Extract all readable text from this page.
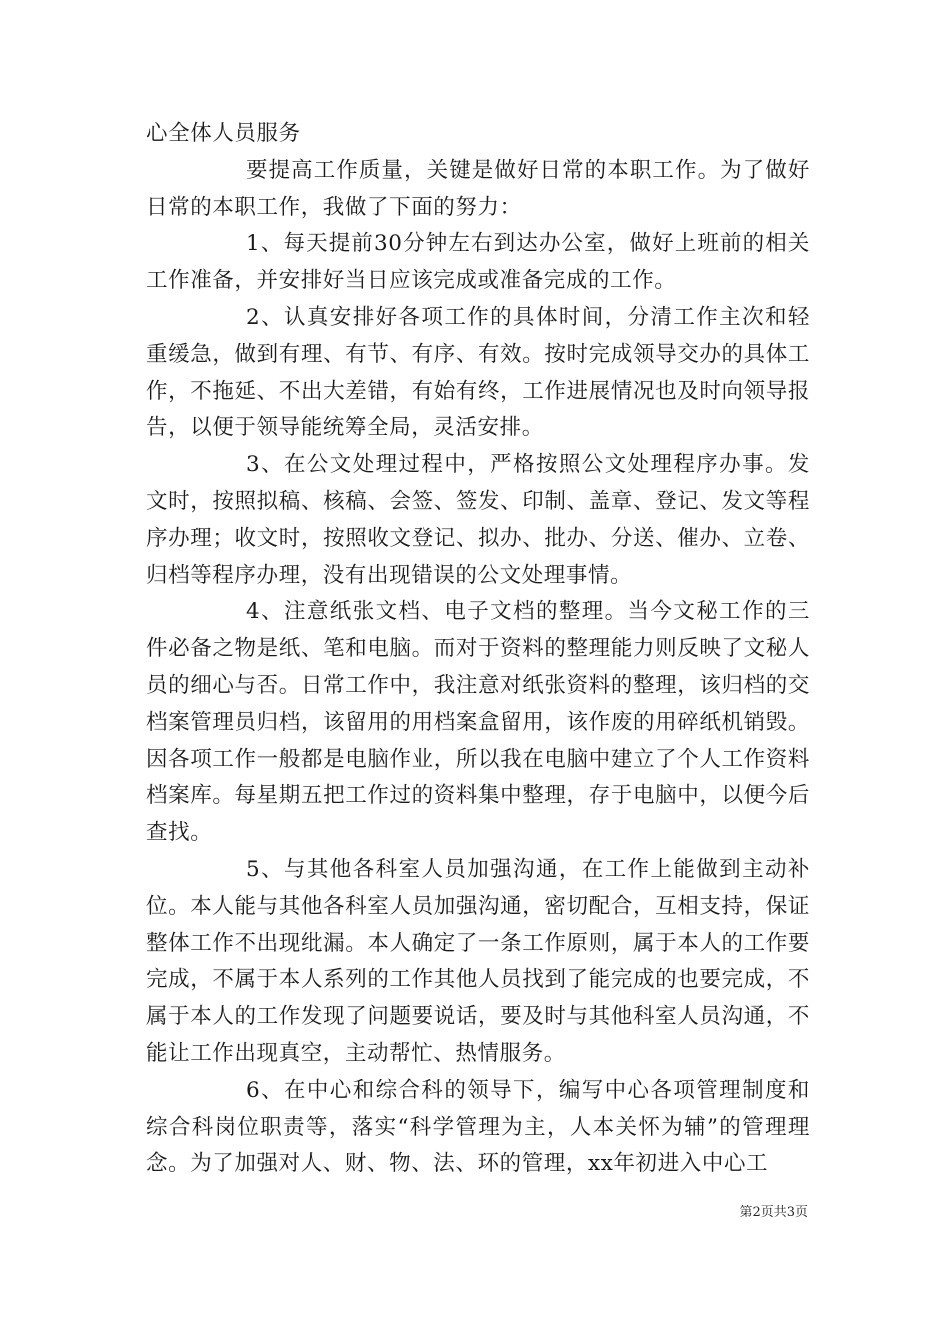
心全体人员服务

要提高工作质量，关键是做好日常的本职工作。为了做好日常的本职工作，我做了下面的努力：

1、每天提前30分钟左右到达办公室，做好上班前的相关工作准备，并安排好当日应该完成或准备完成的工作。

2、认真安排好各项工作的具体时间，分清工作主次和轻重缓急，做到有理、有节、有序、有效。按时完成领导交办的具体工作，不拖延、不出大差错，有始有终，工作进展情况也及时向领导报告，以便于领导能统筹全局，灵活安排。

3、在公文处理过程中，严格按照公文处理程序办事。发文时，按照拟稿、核稿、会签、签发、印制、盖章、登记、发文等程序办理；收文时，按照收文登记、拟办、批办、分送、催办、立卷、归档等程序办理，没有出现错误的公文处理事情。

4、注意纸张文档、电子文档的整理。当今文秘工作的三件必备之物是纸、笔和电脑。而对于资料的整理能力则反映了文秘人员的细心与否。日常工作中，我注意对纸张资料的整理，该归档的交档案管理员归档，该留用的用档案盒留用，该作废的用碎纸机销毁。因各项工作一般都是电脑作业，所以我在电脑中建立了个人工作资料档案库。每星期五把工作过的资料集中整理，存于电脑中，以便今后查找。

5、与其他各科室人员加强沟通，在工作上能做到主动补位。本人能与其他各科室人员加强沟通，密切配合，互相支持，保证整体工作不出现纰漏。本人确定了一条工作原则，属于本人的工作要完成，不属于本人系列的工作其他人员找到了能完成的也要完成，不属于本人的工作发现了问题要说话，要及时与其他科室人员沟通，不能让工作出现真空，主动帮忙、热情服务。

6、在中心和综合科的领导下，编写中心各项管理制度和综合科岗位职责等，落实“科学管理为主，人本关怀为辅”的管理理念。为了加强对人、财、物、法、环的管理，xx年初进入中心工

第2页共3页
